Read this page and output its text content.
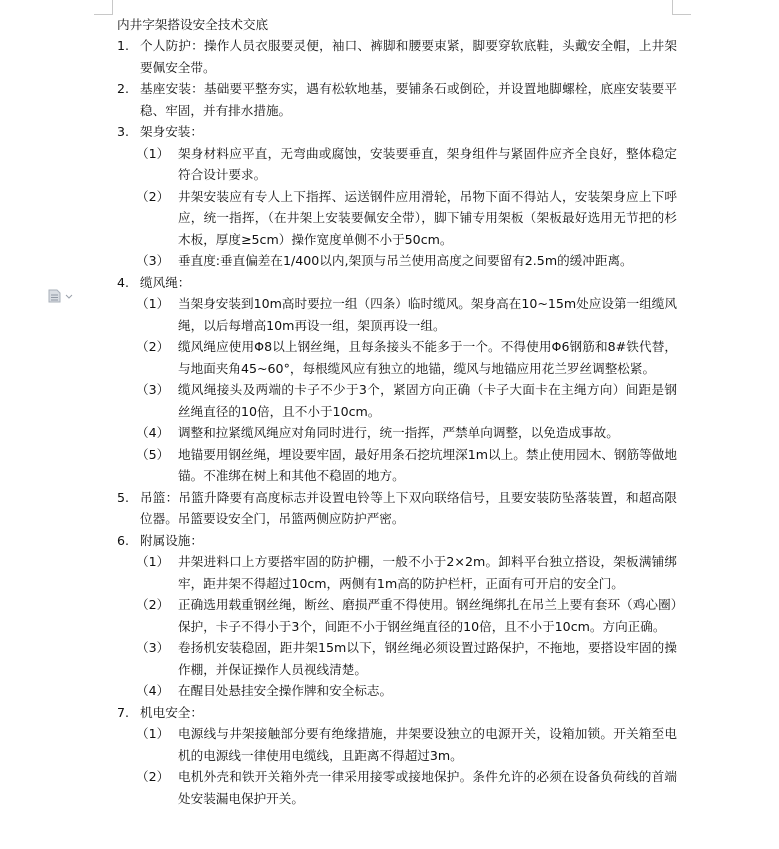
内井字架搭设安全技术交底
1. 个人防护：操作人员衣服要灵便，袖口、裤脚和腰要束紧，脚要穿软底鞋，头戴安全帽，上井架要佩安全带。
2. 基座安装：基础要平整夯实，遇有松软地基，要铺条石或倒砼，并设置地脚螺栓，底座安装要平稳、牢固，并有排水措施。
3. 架身安装：
（1） 架身材料应平直，无弯曲或腐蚀，安装要垂直，架身组件与紧固件应齐全良好，整体稳定符合设计要求。
（2） 井架安装应有专人上下指挥、运送钢件应用滑轮，吊物下面不得站人，安装架身应上下呼应，统一指挥，（在井架上安装要佩安全带），脚下铺专用架板（架板最好选用无节把的杉木板，厚度≥5cm）操作宽度单侧不小于50cm。
（3） 垂直度:垂直偏差在1/400以内,架顶与吊兰使用高度之间要留有2.5m的缓冲距离。
4. 缆风绳：
（1） 当架身安装到10m高时要拉一组（四条）临时缆风。架身高在10~15m处应设第一组缆风绳，以后每增高10m再设一组，架顶再设一组。
（2） 缆风绳应使用Φ8以上钢丝绳，且每条接头不能多于一个。不得使用Φ6钢筋和8#铁代替，与地面夹角45~60°，每根缆风应有独立的地锚，缆风与地锚应用花兰罗丝调整松紧。
（3） 缆风绳接头及两端的卡子不少于3个，紧固方向正确（卡子大面卡在主绳方向）间距是钢丝绳直径的10倍，且不小于10cm。
（4） 调整和拉紧缆风绳应对角同时进行，统一指挥，严禁单向调整，以免造成事故。
（5） 地锚要用钢丝绳，埋设要牢固，最好用条石挖坑埋深1m以上。禁止使用园木、钢筋等做地锚。不准绑在树上和其他不稳固的地方。
5. 吊篮：吊篮升降要有高度标志并设置电铃等上下双向联络信号，且要安装防坠落装置，和超高限位器。吊篮要设安全门，吊篮两侧应防护严密。
6. 附属设施：
（1） 井架进料口上方要搭牢固的防护棚，一般不小于2×2m。卸料平台独立搭设，架板满铺绑牢，距井架不得超过10cm，两侧有1m高的防护栏杆，正面有可开启的安全门。
（2） 正确选用载重钢丝绳，断丝、磨损严重不得使用。钢丝绳绑扎在吊兰上要有套环（鸡心圈）保护，卡子不得小于3个，间距不小于钢丝绳直径的10倍，且不小于10cm。方向正确。
（3） 卷扬机安装稳固，距井架15m以下，钢丝绳必须设置过路保护，不拖地，要搭设牢固的操作棚，并保证操作人员视线清楚。
（4） 在醒目处悬挂安全操作牌和安全标志。
7. 机电安全：
（1） 电源线与井架接触部分要有绝缘措施，井架要设独立的电源开关，设箱加锁。开关箱至电机的电源线一律使用电缆线，且距离不得超过3m。
（2） 电机外壳和铁开关箱外壳一律采用接零或接地保护。条件允许的必须在设备负荷线的首端处安装漏电保护开关。
